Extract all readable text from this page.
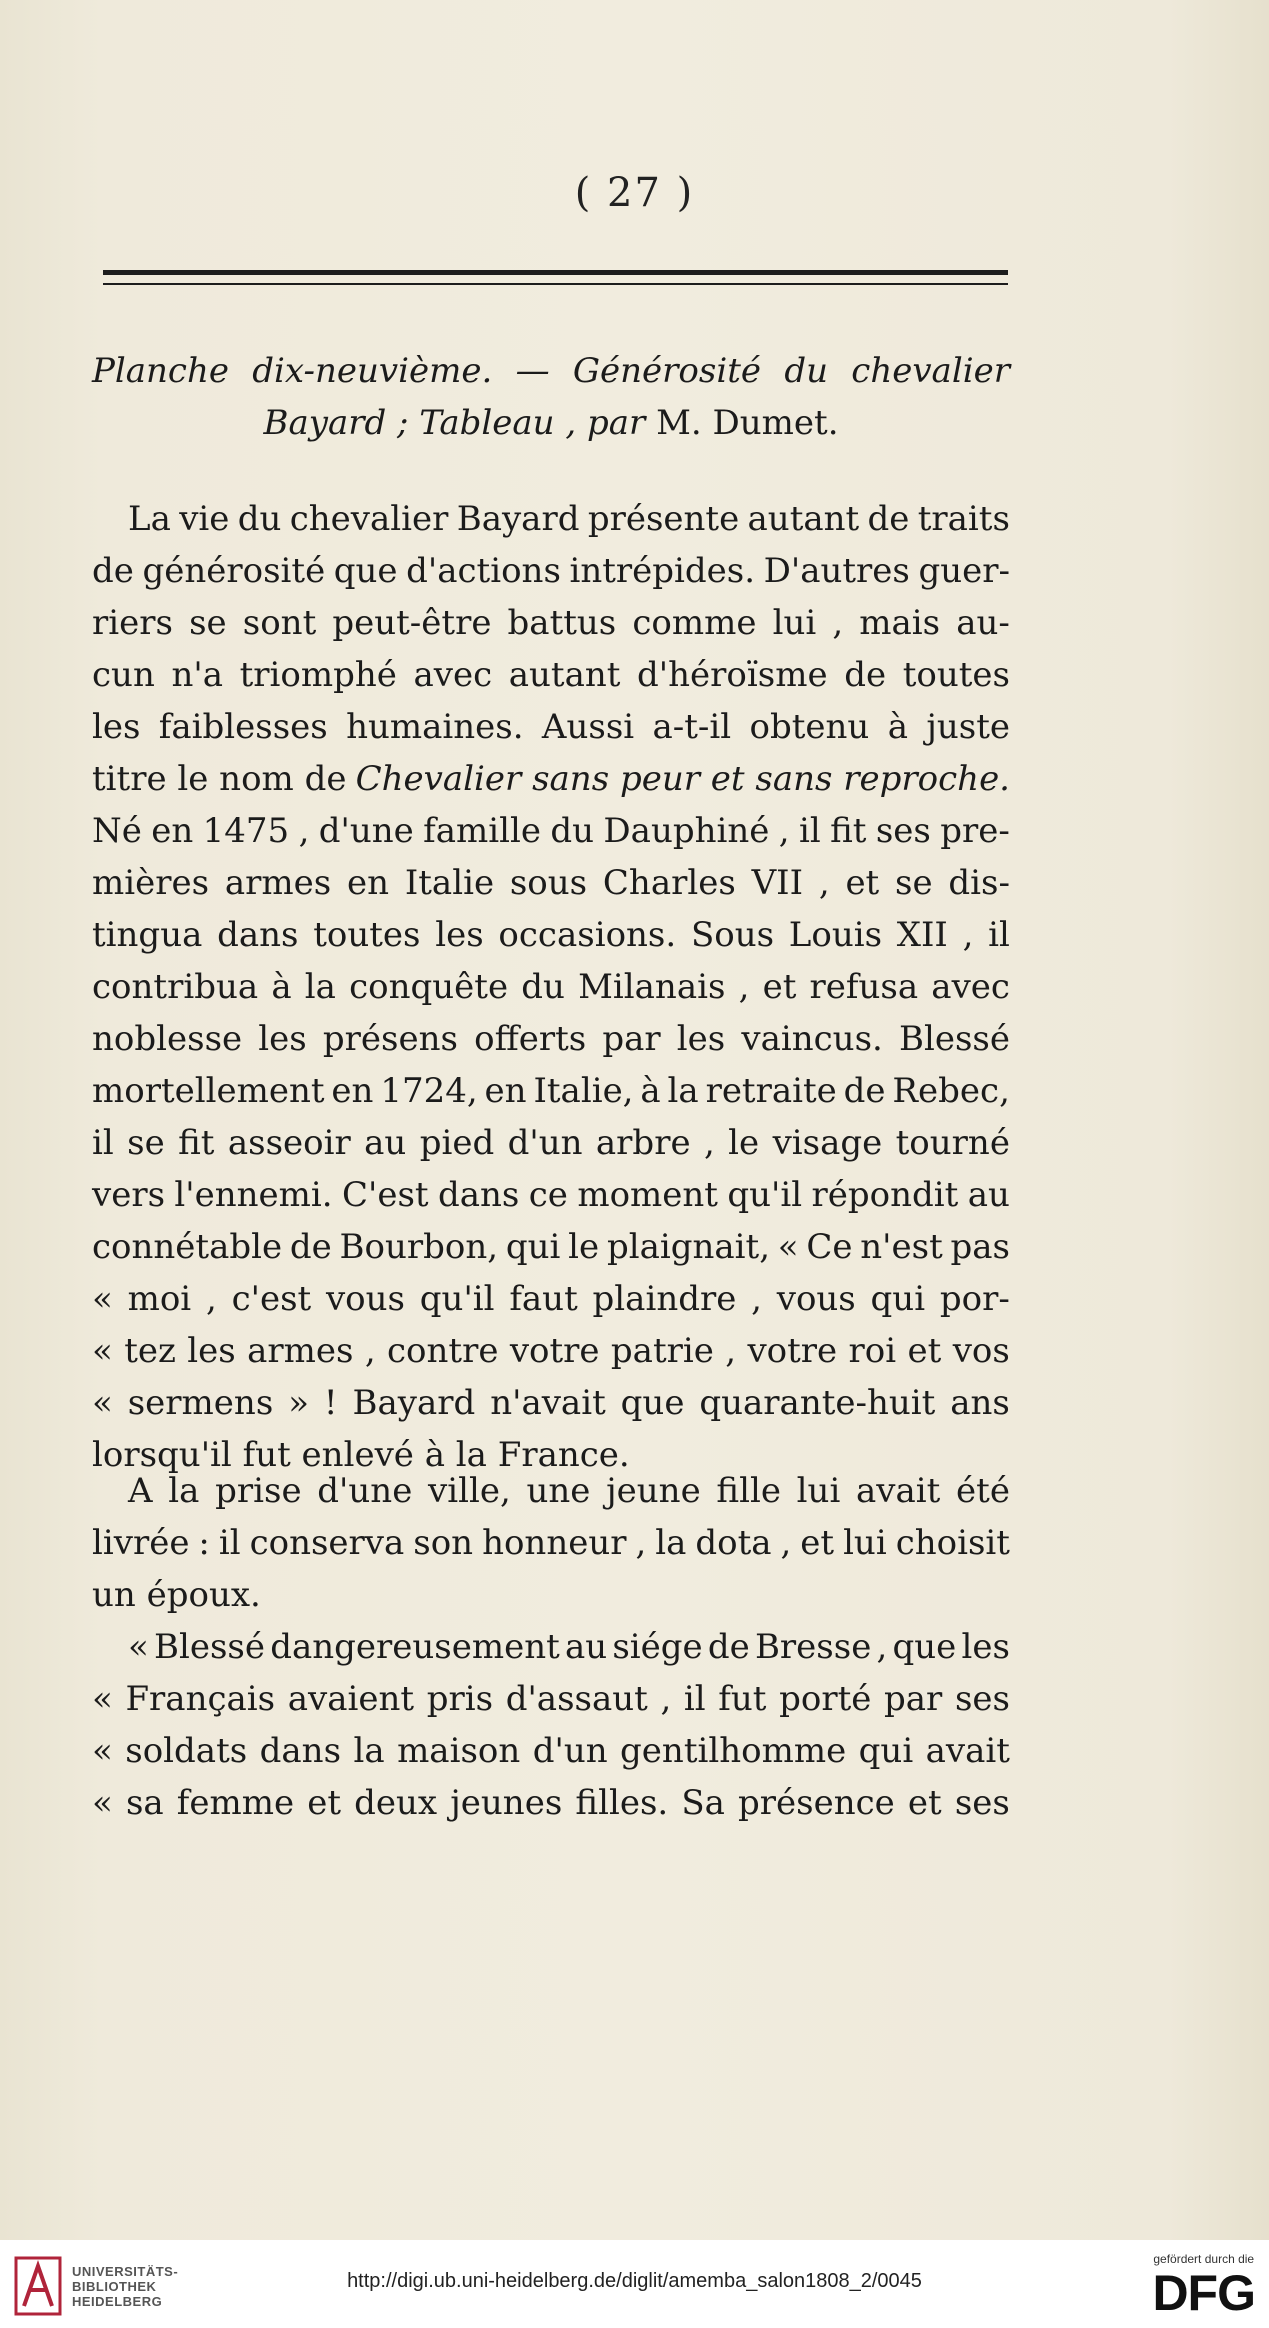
( 27 )
Planche dix-neuvième. — Générosité du chevalier
Bayard ; Tableau , par M. Dumet.
La vie du chevalier Bayard présente autant de traits
de générosité que d'actions intrépides. D'autres guer-
riers se sont peut-être battus comme lui , mais au-
cun n'a triomphé avec autant d'héroïsme de toutes
les faiblesses humaines. Aussi a-t-il obtenu à juste
titre le nom de Chevalier sans peur et sans reproche.
Né en 1475 , d'une famille du Dauphiné , il fit ses pre-
mières armes en Italie sous Charles VII , et se dis-
tingua dans toutes les occasions. Sous Louis XII , il
contribua à la conquête du Milanais , et refusa avec
noblesse les présens offerts par les vaincus. Blessé
mortellement en 1724, en Italie, à la retraite de Rebec,
il se fit asseoir au pied d'un arbre , le visage tourné
vers l'ennemi. C'est dans ce moment qu'il répondit au
connétable de Bourbon, qui le plaignait, « Ce n'est pas
« moi , c'est vous qu'il faut plaindre , vous qui por-
« tez les armes , contre votre patrie , votre roi et vos
« sermens » ! Bayard n'avait que quarante-huit ans
lorsqu'il fut enlevé à la France.
A la prise d'une ville, une jeune fille lui avait été
livrée : il conserva son honneur , la dota , et lui choisit
un époux.
« Blessé dangereusement au siége de Bresse , que les
« Français avaient pris d'assaut , il fut porté par ses
« soldats dans la maison d'un gentilhomme qui avait
« sa femme et deux jeunes filles. Sa présence et ses
UNIVERSITÄTS-
BIBLIOTHEK
HEIDELBERG
http://digi.ub.uni-heidelberg.de/diglit/amemba_salon1808_2/0045
gefördert durch die
DFG
